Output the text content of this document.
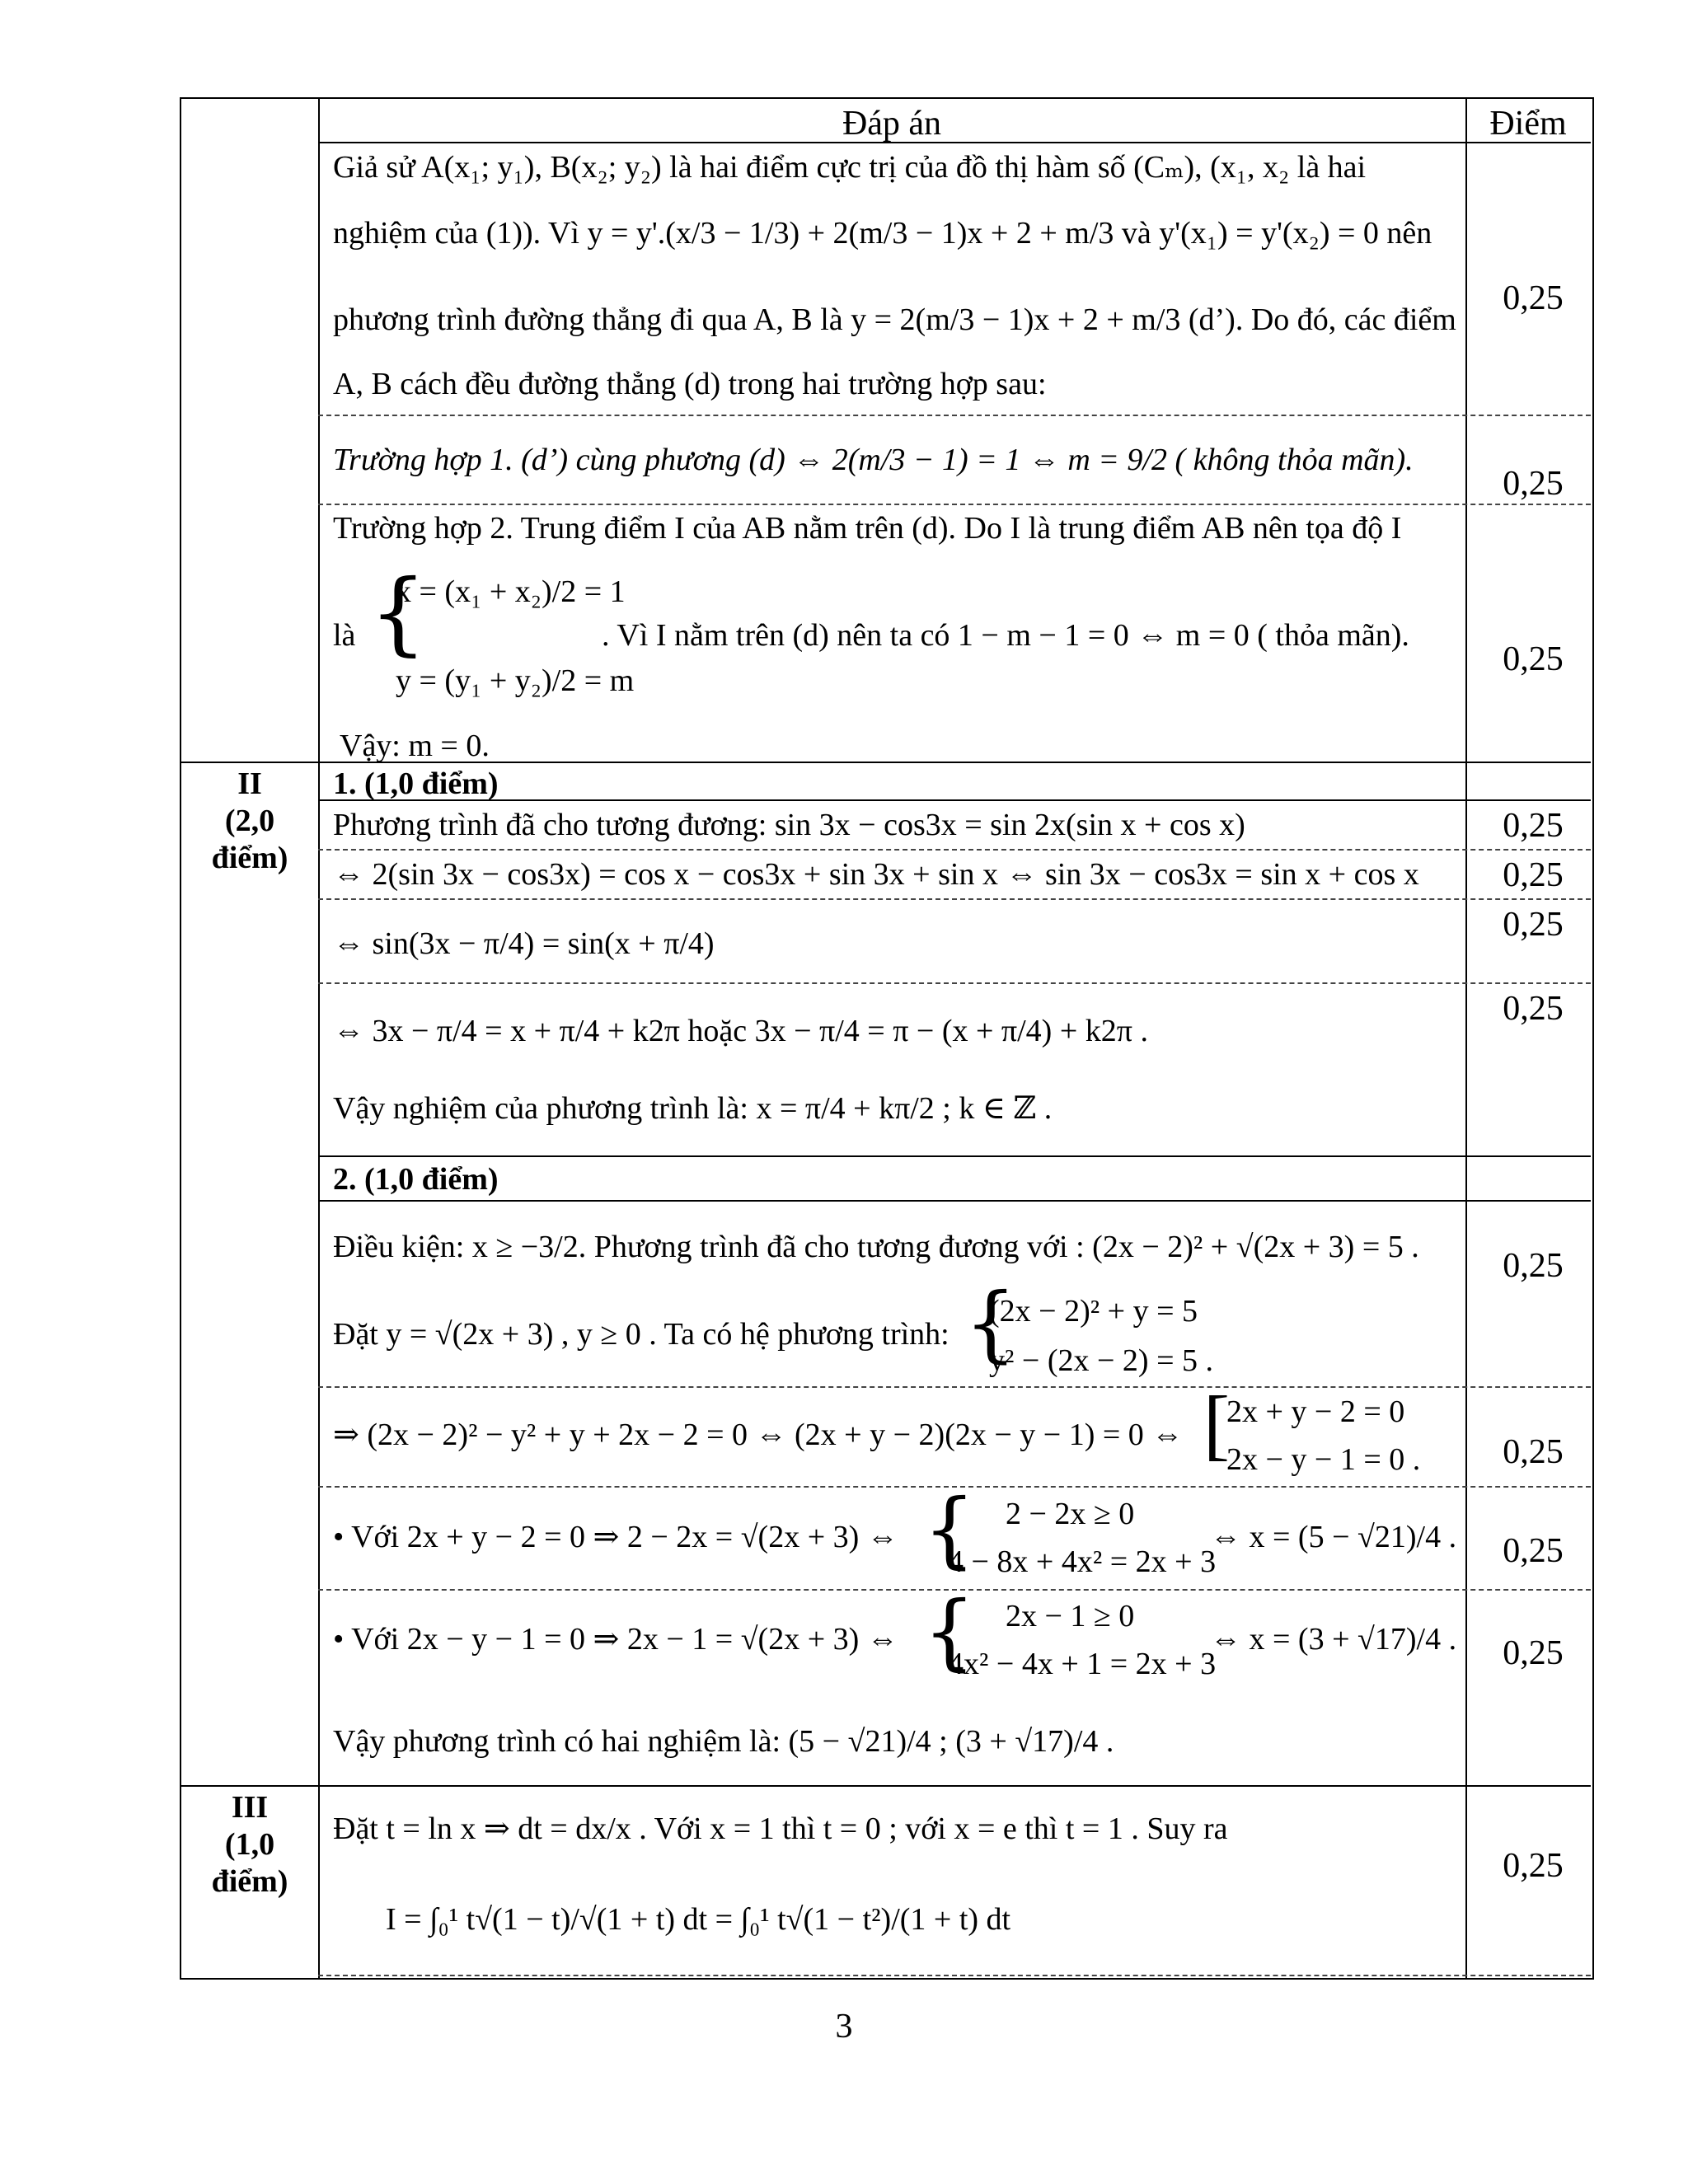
Đáp án	Điểm
Giả sử A(x₁; y₁), B(x₂; y₂) là hai điểm cực trị của đồ thị hàm số (Cₘ), (x₁, x₂ là hai
nghiệm của (1)). Vì y = y'.(x/3 − 1/3) + 2(m/3 − 1)x + 2 + m/3 và y'(x₁) = y'(x₂) = 0 nên
phương trình đường thẳng đi qua A, B là y = 2(m/3 − 1)x + 2 + m/3 (d’). Do đó, các điểm
A, B cách đều đường thẳng (d) trong hai trường hợp sau:
0,25
Trường hợp 1. (d’) cùng phương (d) ⇔ 2(m/3 − 1) = 1 ⇔ m = 9/2 ( không thỏa mãn).
0,25
Trường hợp 2. Trung điểm I của AB nằm trên (d). Do I là trung điểm AB nên tọa độ I
là {
x = (x₁ + x₂)/2 = 1
y = (y₁ + y₂)/2 = m
. Vì I nằm trên (d) nên ta có 1 − m − 1 = 0 ⇔ m = 0 ( thỏa mãn).
Vậy: m = 0.
0,25
II
(2,0
điểm)
1. (1,0 điểm)
Phương trình đã cho tương đương: sin 3x − cos3x = sin 2x(sin x + cos x)	0,25
⇔ 2(sin 3x − cos3x) = cos x − cos3x + sin 3x + sin x ⇔ sin 3x − cos3x = sin x + cos x	0,25
⇔ sin(3x − π/4) = sin(x + π/4)	0,25
⇔ 3x − π/4 = x + π/4 + k2π hoặc 3x − π/4 = π − (x + π/4) + k2π .
Vậy nghiệm của phương trình là: x = π/4 + kπ/2 ; k ∈ ℤ .
0,25
2. (1,0 điểm)
Điều kiện: x ≥ −3/2. Phương trình đã cho tương đương với : (2x − 2)² + √(2x + 3) = 5 .
Đặt y = √(2x + 3) , y ≥ 0 . Ta có hệ phương trình: {
(2x − 2)² + y = 5
y² − (2x − 2) = 5 .
0,25
⇒ (2x − 2)² − y² + y + 2x − 2 = 0 ⇔ (2x + y − 2)(2x − y − 1) = 0 ⇔ [
2x + y − 2 = 0
2x − y − 1 = 0 .	0,25
• Với 2x + y − 2 = 0 ⇒ 2 − 2x = √(2x + 3) ⇔ { 2 − 2x ≥ 0
4 − 8x + 4x² = 2x + 3
⇔ x = (5 − √21)/4 .	0,25
• Với 2x − y − 1 = 0 ⇒ 2x − 1 = √(2x + 3) ⇔ { 2x − 1 ≥ 0
4x² − 4x + 1 = 2x + 3
⇔ x = (3 + √17)/4 .
Vậy phương trình có hai nghiệm là: (5 − √21)/4 ; (3 + √17)/4 .
0,25
III
(1,0
điểm)
Đặt t = ln x ⇒ dt = dx/x . Với x = 1 thì t = 0 ; với x = e thì t = 1 . Suy ra
I = ∫₀¹ t√(1 − t)/√(1 + t) dt = ∫₀¹ t√(1 − t²)/(1 + t) dt
0,25
3
